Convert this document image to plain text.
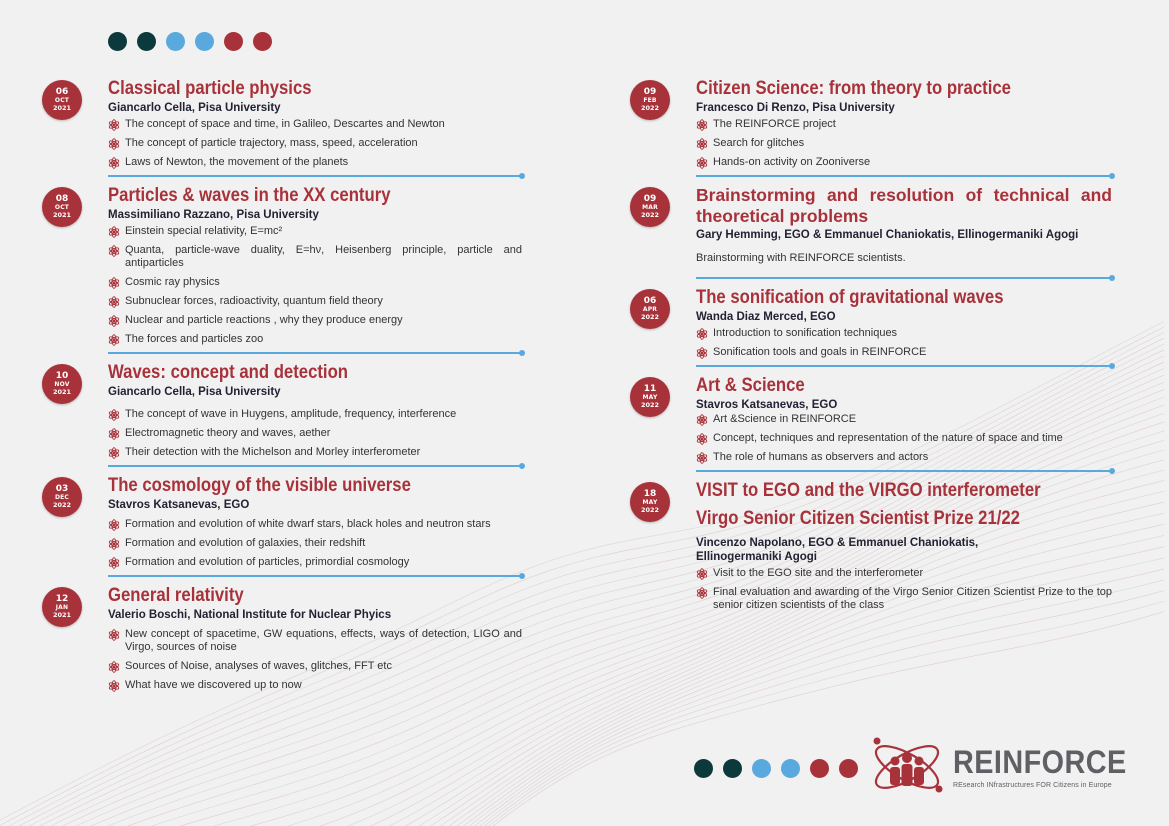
06
OCT
2021
Classical particle physics
Giancarlo Cella, Pisa University
The concept of space and time, in Galileo, Descartes and Newton
The concept of particle trajectory, mass, speed, acceleration
Laws of Newton, the movement of the planets
08
OCT
2021
Particles & waves in the XX century
Massimiliano Razzano, Pisa University
Einstein special relativity, E=mc²
Quanta, particle-wave duality, E=hν, Heisenberg principle, particle and antiparticles
Cosmic ray physics
Subnuclear forces, radioactivity, quantum field theory
Nuclear and particle reactions , why they produce energy
The forces and particles zoo
10
NOV
2021
Waves: concept and detection
Giancarlo Cella, Pisa University
The concept of wave in Huygens, amplitude, frequency, interference
Electromagnetic theory and waves, aether
Their detection with the Michelson and Morley interferometer
03
DEC
2022
The cosmology of the visible universe
Stavros Katsanevas, EGO
Formation and evolution of white dwarf stars, black holes and neutron stars
Formation and evolution of galaxies, their redshift
Formation and evolution of particles, primordial cosmology
12
JAN
2021
General relativity
Valerio Boschi, National Institute for Nuclear Phyics
New concept of spacetime, GW equations, effects, ways of detection, LIGO and Virgo, sources of noise
Sources of Noise, analyses of waves, glitches, FFT etc
What have we discovered up to now
09
FEB
2022
Citizen Science: from theory to practice
Francesco Di Renzo, Pisa University
The REINFORCE project
Search for glitches
Hands-on activity on Zooniverse
09
MAR
2022
Brainstorming and resolution of technical and theoretical problems
Gary Hemming, EGO & Emmanuel Chaniokatis, Ellinogermaniki Agogi
Brainstorming with REINFORCE scientists.
06
APR
2022
The sonification of gravitational waves
Wanda Diaz Merced, EGO
Introduction to sonification techniques
Sonification tools and goals in REINFORCE
11
MAY
2022
Art & Science
Stavros Katsanevas, EGO
Art &Science in REINFORCE
Concept, techniques and representation of the nature of space and time
The role of humans as observers and actors
18
MAY
2022
VISIT to EGO and the VIRGO interferometer
Virgo Senior Citizen Scientist Prize 21/22
Vincenzo Napolano, EGO & Emmanuel Chaniokatis, Ellinogermaniki Agogi
Visit to the EGO site and the interferometer
Final evaluation and awarding of the Virgo Senior Citizen Scientist Prize to the top senior citizen scientists of the class
REINFORCE
REsearch INfrastructures FOR Citizens in Europe
